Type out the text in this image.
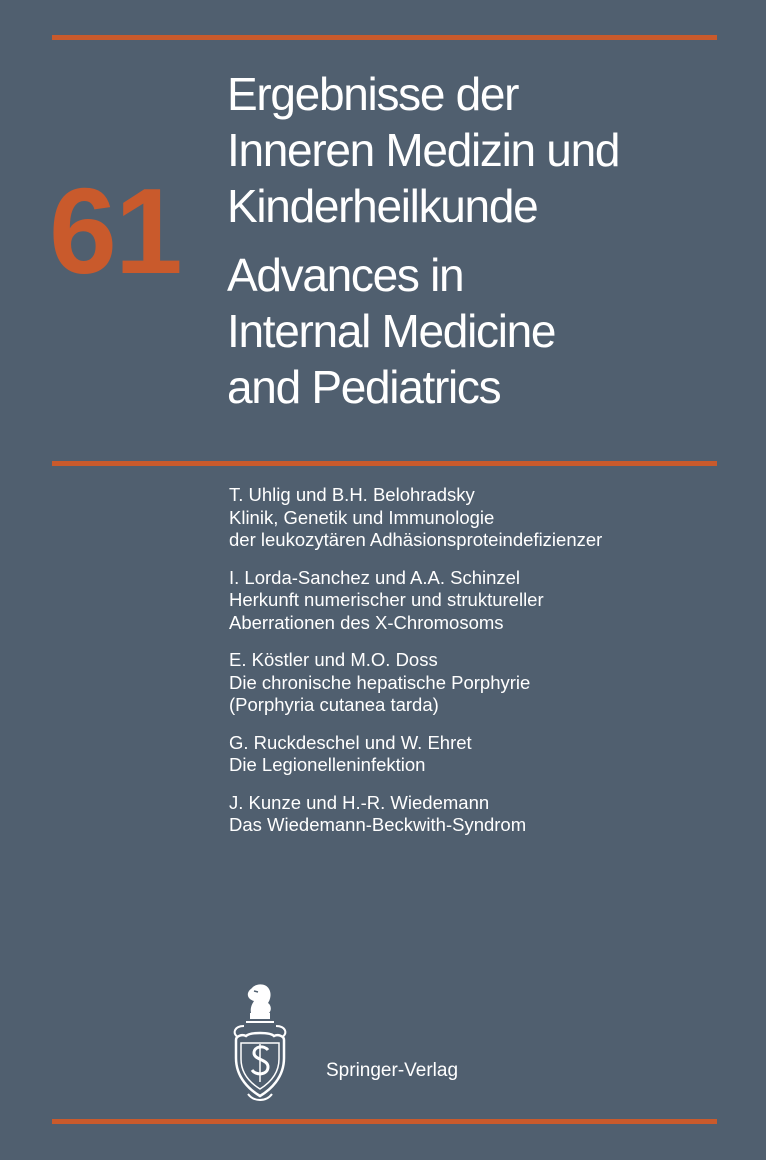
61
Ergebnisse der
Inneren Medizin und
Kinderheilkunde
Advances in
Internal Medicine
and Pediatrics
T. Uhlig und B.H. Belohradsky
Klinik, Genetik und Immunologie
der leukozytären Adhäsionsproteindefizienzer
I. Lorda-Sanchez und A.A. Schinzel
Herkunft numerischer und struktureller
Aberrationen des X-Chromosoms
E. Köstler und M.O. Doss
Die chronische hepatische Porphyrie
(Porphyria cutanea tarda)
G. Ruckdeschel und W. Ehret
Die Legionelleninfektion
J. Kunze und H.-R. Wiedemann
Das Wiedemann-Beckwith-Syndrom
Springer-Verlag
